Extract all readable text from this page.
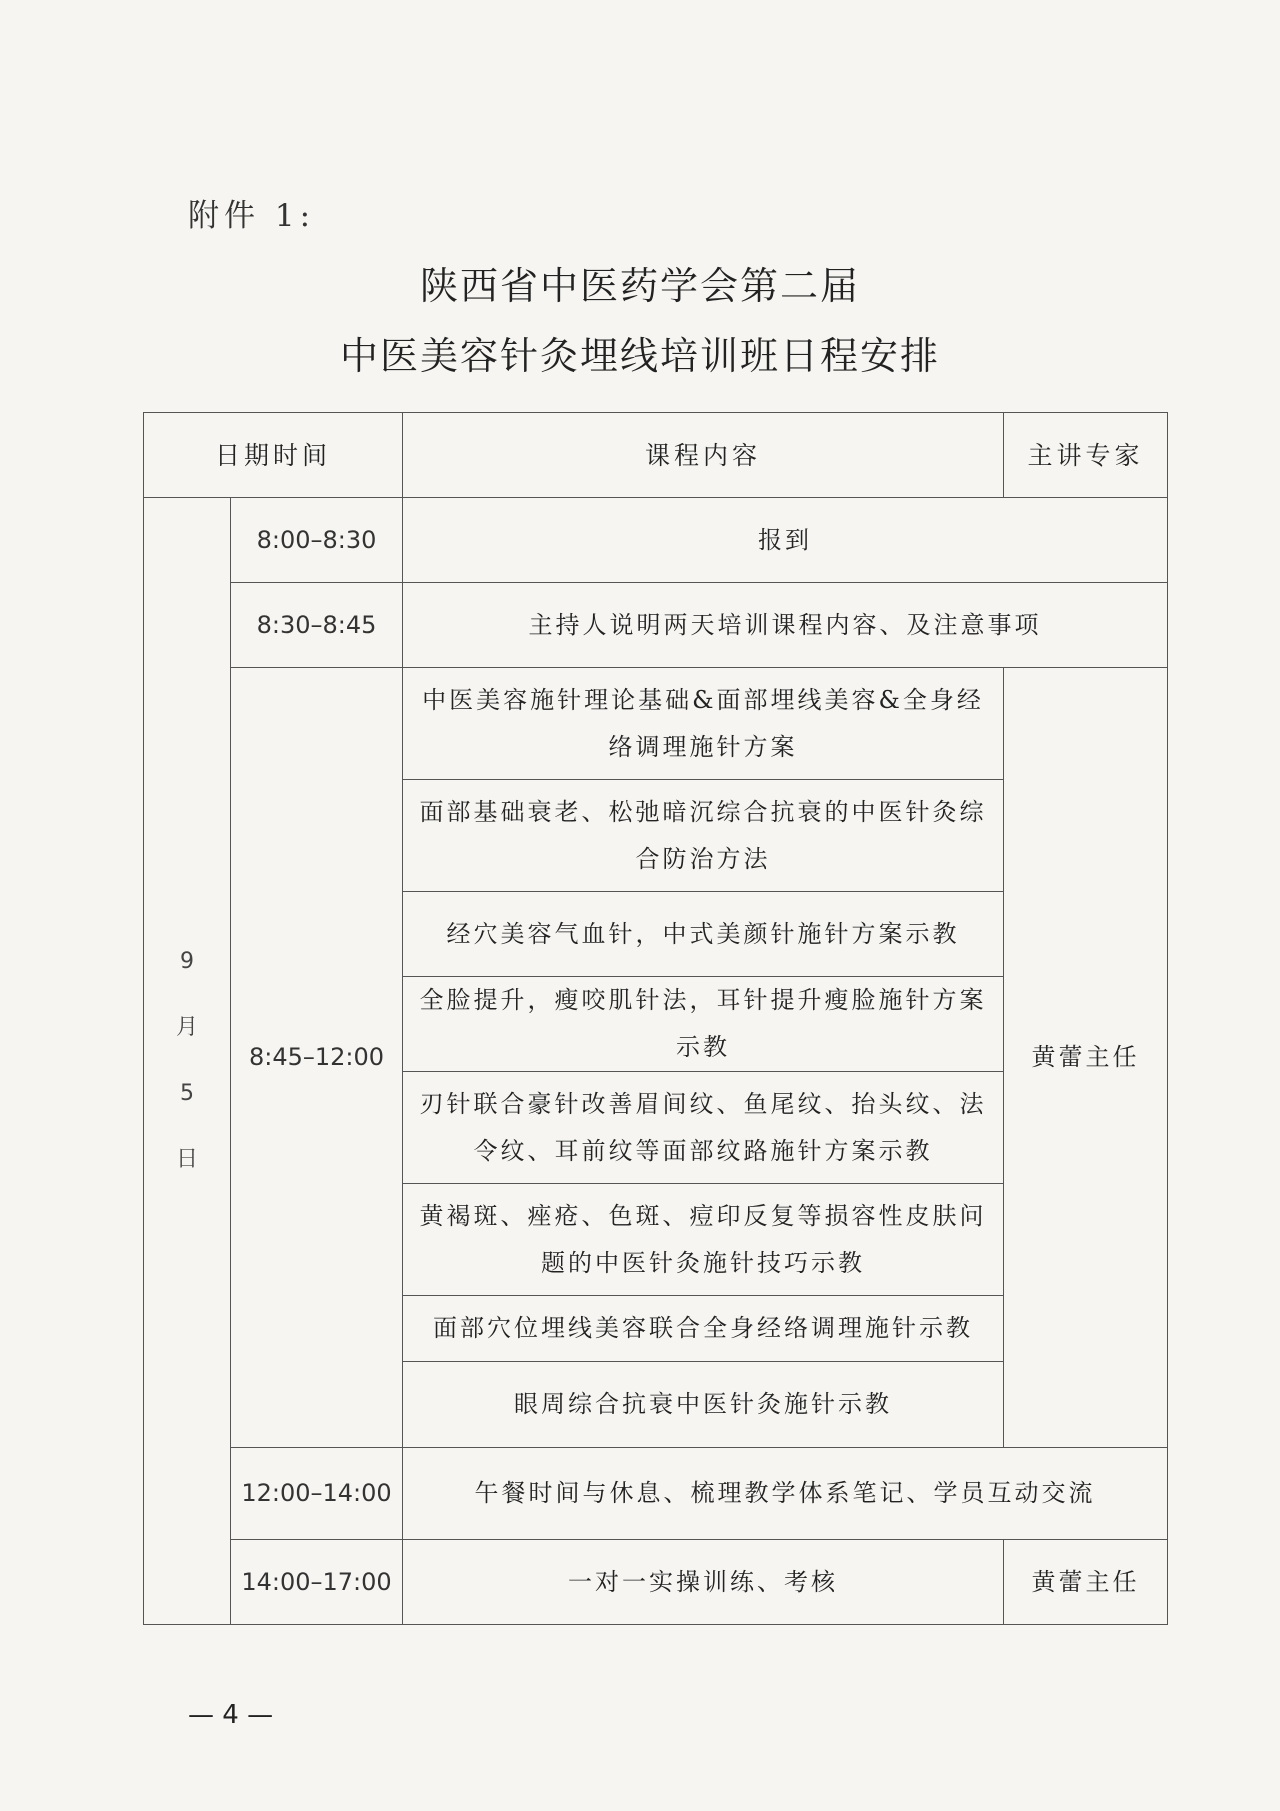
附件 1:
陕西省中医药学会第二届
中医美容针灸埋线培训班日程安排
日期时间		课程内容	主讲专家

9
月
5
日	8:00–8:30	报到	
	8:30–8:45	主持人说明两天培训课程内容、及注意事项	
	8:45–12:00	中医美容施针理论基础&面部埋线美容&全身经络调理施针方案	黄蕾主任
		面部基础衰老、松弛暗沉综合抗衰的中医针灸综合防治方法	
		经穴美容气血针，中式美颜针施针方案示教	
		全脸提升，瘦咬肌针法，耳针提升瘦脸施针方案示教	
		刃针联合豪针改善眉间纹、鱼尾纹、抬头纹、法令纹、耳前纹等面部纹路施针方案示教	
		黄褐斑、痤疮、色斑、痘印反复等损容性皮肤问题的中医针灸施针技巧示教	
		面部穴位埋线美容联合全身经络调理施针示教	
		眼周综合抗衰中医针灸施针示教	
	12:00–14:00	午餐时间与休息、梳理教学体系笔记、学员互动交流	
	14:00–17:00	一对一实操训练、考核	黄蕾主任
— 4 —
